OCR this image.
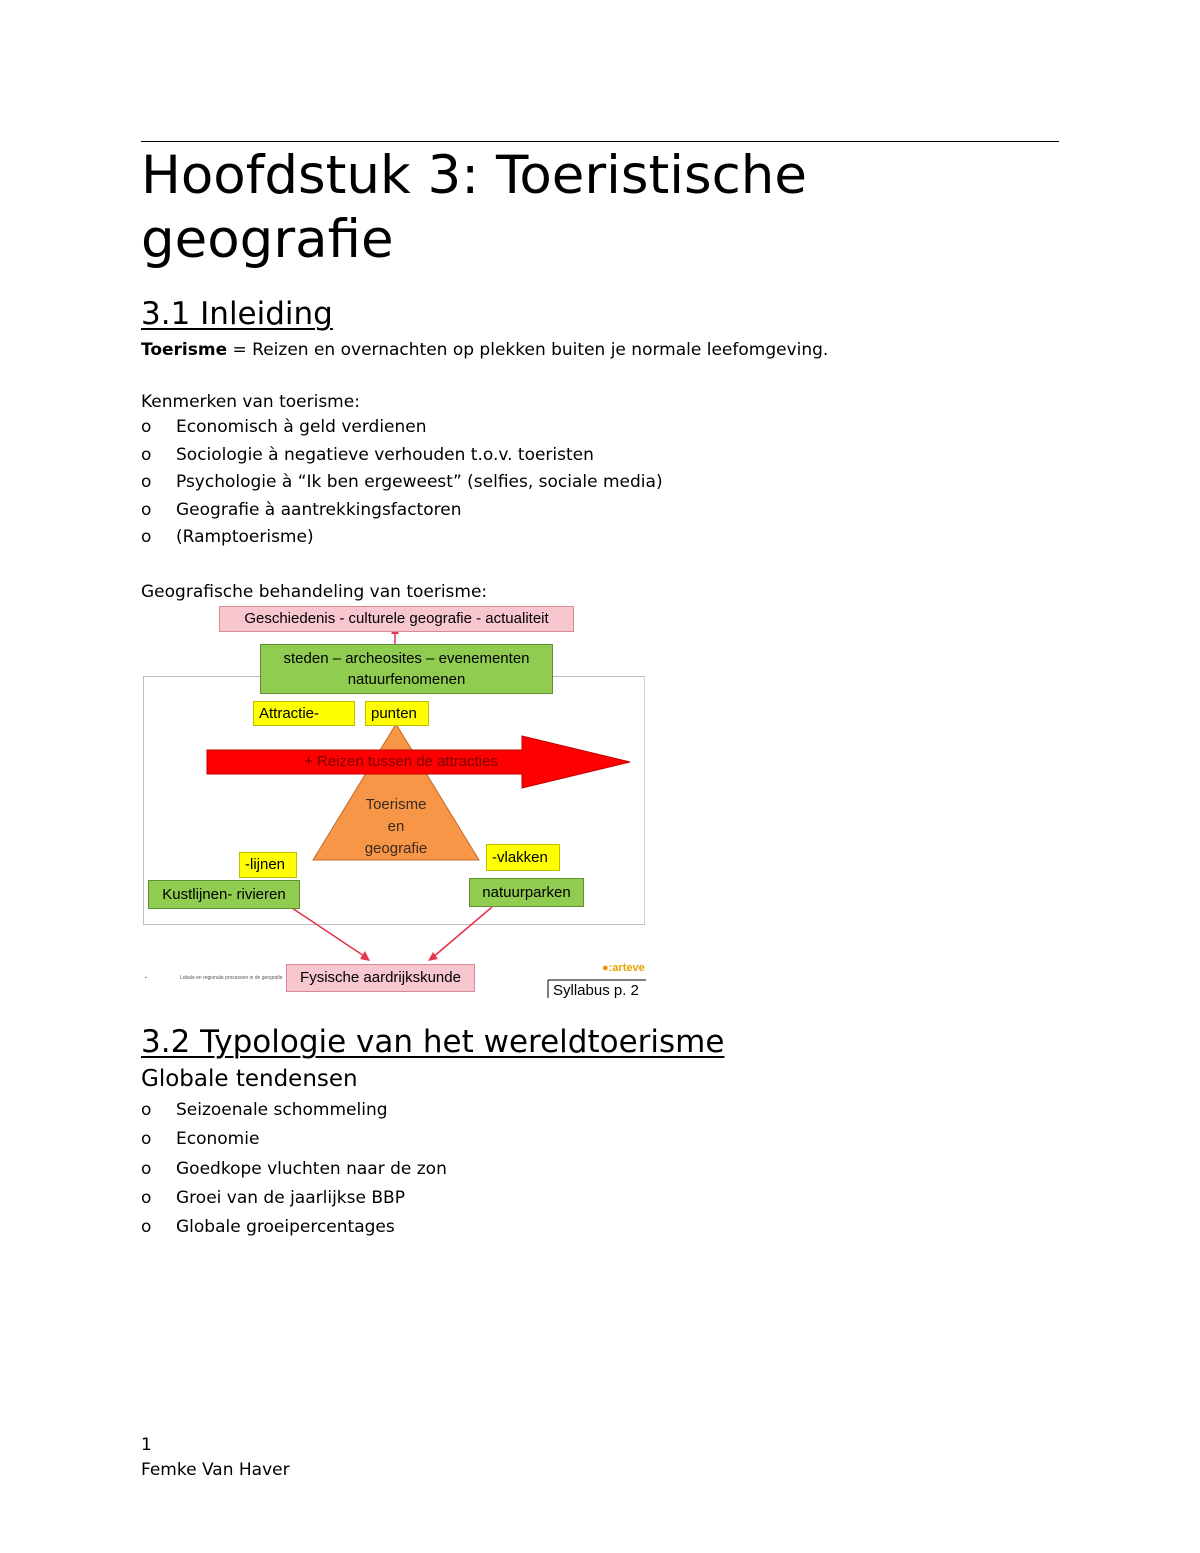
Hoofdstuk 3: Toeristische geografie
3.1 Inleiding

Toerisme = Reizen en overnachten op plekken buiten je normale leefomgeving.

Kenmerken van toerisme:

o	Economisch à geld verdienen
o	Sociologie à negatieve verhouden t.o.v. toeristen
o	Psychologie à “Ik ben ergeweest” (selfies, sociale media)
o	Geografie à aantrekkingsfactoren
o	(Ramptoerisme)

Geografische behandeling van toerisme:

Geschiedenis - culturele geografie - actualiteit
steden – archeosites – evenementen
natuurfenomenen
Attractie-	punten
+ Reizen tussen de attracties
Toerisme
en
geografie
-lijnen	-vlakken
Kustlijnen- rivieren	natuurparken
Fysische aardrijkskunde
▪	Lokale en regionale processen in de geografie
●:arteve
Syllabus p. 2
3.2 Typologie van het wereldtoerisme
Globale tendensen
o	Seizoenale schommeling
o	Economie
o	Goedkope vluchten naar de zon
o	Groei van de jaarlijkse BBP
o	Globale groeipercentages
1
Femke Van Haver
